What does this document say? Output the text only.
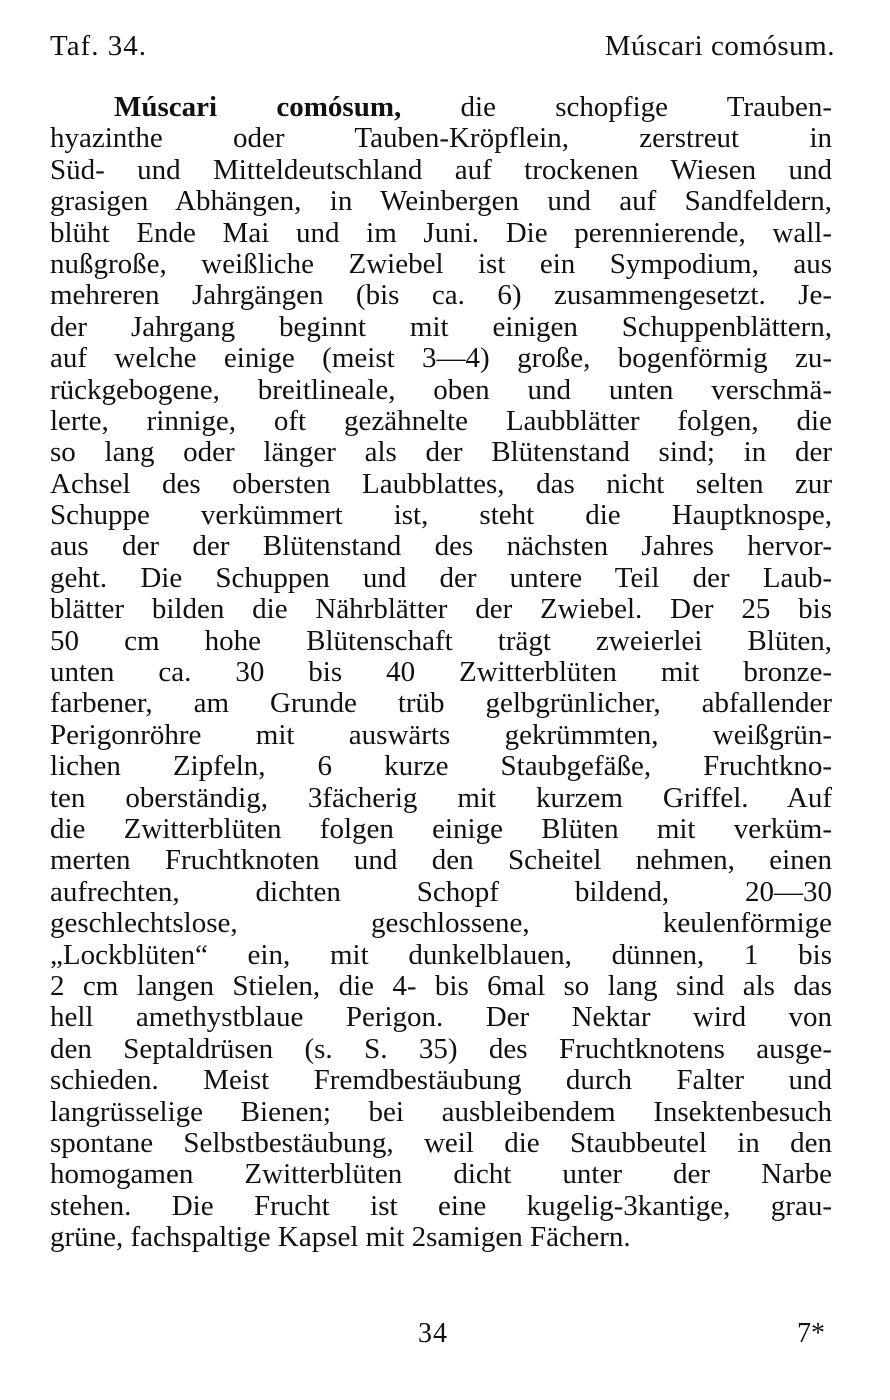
Taf. 34.	Múscari comósum.
Múscari comósum, die schopfige Trauben-
hyazinthe oder Tauben-Kröpflein, zerstreut in
Süd- und Mitteldeutschland auf trockenen Wiesen und
grasigen Abhängen, in Weinbergen und auf Sandfeldern,
blüht Ende Mai und im Juni. Die perennierende, wall-
nußgroße, weißliche Zwiebel ist ein Sympodium, aus
mehreren Jahrgängen (bis ca. 6) zusammengesetzt. Je-
der Jahrgang beginnt mit einigen Schuppenblättern,
auf welche einige (meist 3—4) große, bogenförmig zu-
rückgebogene, breitlineale, oben und unten verschmä-
lerte, rinnige, oft gezähnelte Laubblätter folgen, die
so lang oder länger als der Blütenstand sind; in der
Achsel des obersten Laubblattes, das nicht selten zur
Schuppe verkümmert ist, steht die Hauptknospe,
aus der der Blütenstand des nächsten Jahres hervor-
geht. Die Schuppen und der untere Teil der Laub-
blätter bilden die Nährblätter der Zwiebel. Der 25 bis
50 cm hohe Blütenschaft trägt zweierlei Blüten,
unten ca. 30 bis 40 Zwitterblüten mit bronze-
farbener, am Grunde trüb gelbgrünlicher, abfallender
Perigonröhre mit auswärts gekrümmten, weißgrün-
lichen Zipfeln, 6 kurze Staubgefäße, Fruchtkno-
ten oberständig, 3fächerig mit kurzem Griffel. Auf
die Zwitterblüten folgen einige Blüten mit verküm-
merten Fruchtknoten und den Scheitel nehmen, einen
aufrechten, dichten Schopf bildend, 20—30
geschlechtslose, geschlossene, keulenförmige
„Lockblüten“ ein, mit dunkelblauen, dünnen, 1 bis
2 cm langen Stielen, die 4- bis 6mal so lang sind als das
hell amethystblaue Perigon. Der Nektar wird von
den Septaldrüsen (s. S. 35) des Fruchtknotens ausge-
schieden. Meist Fremdbestäubung durch Falter und
langrüsselige Bienen; bei ausbleibendem Insektenbesuch
spontane Selbstbestäubung, weil die Staubbeutel in den
homogamen Zwitterblüten dicht unter der Narbe
stehen. Die Frucht ist eine kugelig-3kantige, grau-
grüne, fachspaltige Kapsel mit 2samigen Fächern.
34	7*
